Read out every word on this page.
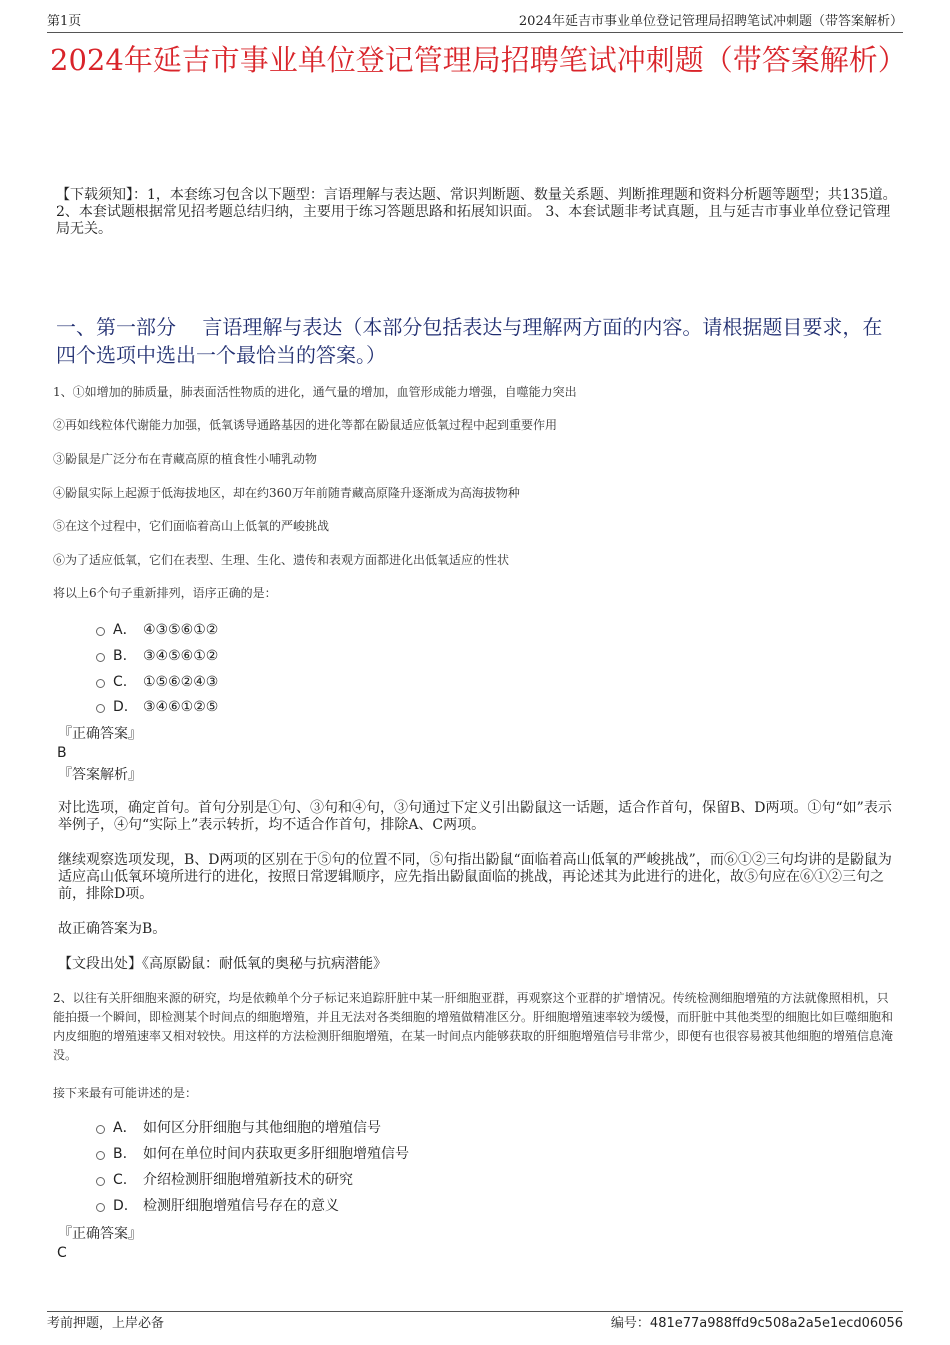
第1页	2024年延吉市事业单位登记管理局招聘笔试冲刺题（带答案解析）
2024年延吉市事业单位登记管理局招聘笔试冲刺题（带答案解析）
【下载须知】：1，本套练习包含以下题型：言语理解与表达题、常识判断题、数量关系题、判断推理题和资料分析题等题型；共135道。 2、本套试题根据常见招考题总结归纳，主要用于练习答题思路和拓展知识面。 3、本套试题非考试真题，且与延吉市事业单位登记管理局无关。
一、第一部分　 言语理解与表达（本部分包括表达与理解两方面的内容。请根据题目要求，在四个选项中选出一个最恰当的答案。）
1、①如增加的肺质量，肺表面活性物质的进化，通气量的增加，血管形成能力增强，自噬能力突出
②再如线粒体代谢能力加强，低氧诱导通路基因的进化等都在鼢鼠适应低氧过程中起到重要作用
③鼢鼠是广泛分布在青藏高原的植食性小哺乳动物
④鼢鼠实际上起源于低海拔地区，却在约360万年前随青藏高原隆升逐渐成为高海拔物种
⑤在这个过程中，它们面临着高山上低氧的严峻挑战
⑥为了适应低氧，它们在表型、生理、生化、遗传和表观方面都进化出低氧适应的性状
将以上6个句子重新排列，语序正确的是：
A． ④③⑤⑥①②
B. ③④⑤⑥①②
C. ①⑤⑥②④③
D. ③④⑥①②⑤
『正确答案』
B
『答案解析』
对比选项，确定首句。首句分别是①句、③句和④句，③句通过下定义引出鼢鼠这一话题，适合作首句，保留B、D两项。①句“如”表示举例子，④句“实际上”表示转折，均不适合作首句，排除A、C两项。
继续观察选项发现，B、D两项的区别在于⑤句的位置不同，⑤句指出鼢鼠“面临着高山低氧的严峻挑战”，而⑥①②三句均讲的是鼢鼠为适应高山低氧环境所进行的进化，按照日常逻辑顺序，应先指出鼢鼠面临的挑战，再论述其为此进行的进化，故⑤句应在⑥①②三句之前，排除D项。
故正确答案为B。
【文段出处】《高原鼢鼠：耐低氧的奥秘与抗病潜能》
2、以往有关肝细胞来源的研究，均是依赖单个分子标记来追踪肝脏中某一肝细胞亚群，再观察这个亚群的扩增情况。传统检测细胞增殖的方法就像照相机，只能拍摄一个瞬间，即检测某个时间点的细胞增殖，并且无法对各类细胞的增殖做精准区分。肝细胞增殖速率较为缓慢，而肝脏中其他类型的细胞比如巨噬细胞和内皮细胞的增殖速率又相对较快。用这样的方法检测肝细胞增殖，在某一时间点内能够获取的肝细胞增殖信号非常少，即便有也很容易被其他细胞的增殖信息淹没。
接下来最有可能讲述的是：
A． 如何区分肝细胞与其他细胞的增殖信号
B. 如何在单位时间内获取更多肝细胞增殖信号
C. 介绍检测肝细胞增殖新技术的研究
D. 检测肝细胞增殖信号存在的意义
『正确答案』
C
考前押题，上岸必备	编号：481e77a988ffd9c508a2a5e1ecd06056
